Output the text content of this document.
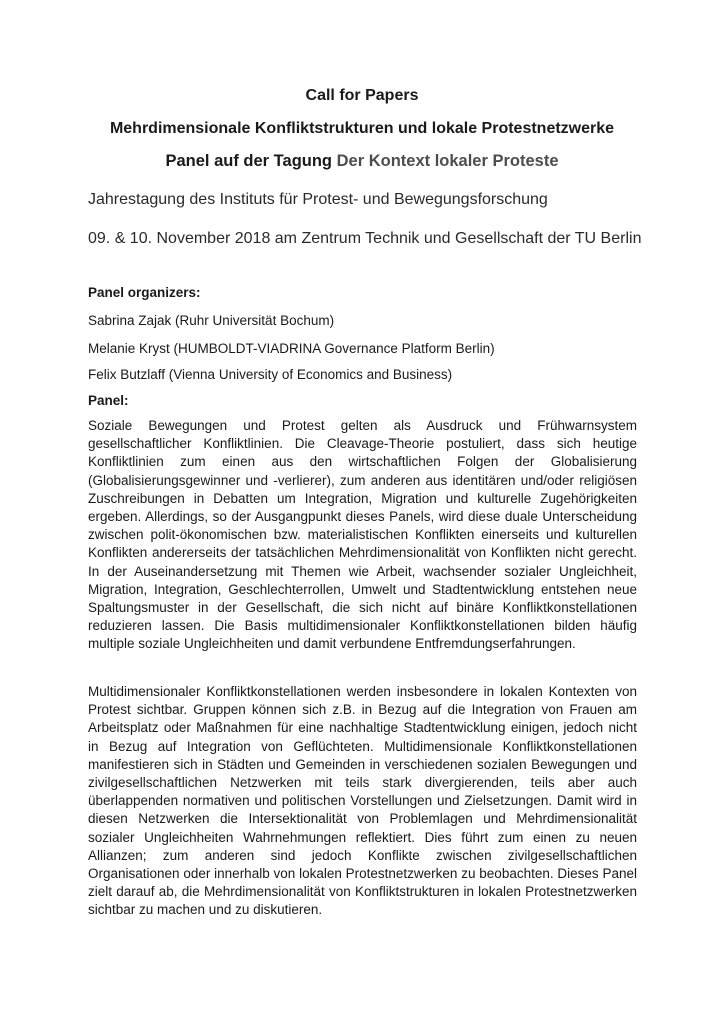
Call for Papers
Mehrdimensionale Konfliktstrukturen und lokale Protestnetzwerke
Panel auf der Tagung Der Kontext lokaler Proteste
Jahrestagung des Instituts für Protest- und Bewegungsforschung
09. & 10. November 2018 am Zentrum Technik und Gesellschaft der TU Berlin
Panel organizers:
Sabrina Zajak (Ruhr Universität Bochum)
Melanie Kryst (HUMBOLDT-VIADRINA Governance Platform Berlin)
Felix Butzlaff (Vienna University of Economics and Business)
Panel:
Soziale Bewegungen und Protest gelten als Ausdruck und Frühwarnsystem gesellschaftlicher Konfliktlinien. Die Cleavage-Theorie postuliert, dass sich heutige Konfliktlinien zum einen aus den wirtschaftlichen Folgen der Globalisierung (Globalisierungsgewinner und -verlierer), zum anderen aus identitären und/oder religiösen Zuschreibungen in Debatten um Integration, Migration und kulturelle Zugehörigkeiten ergeben. Allerdings, so der Ausgangpunkt dieses Panels, wird diese duale Unterscheidung zwischen polit-ökonomischen bzw. materialistischen Konflikten einerseits und kulturellen Konflikten andererseits der tatsächlichen Mehrdimensionalität von Konflikten nicht gerecht. In der Auseinandersetzung mit Themen wie Arbeit, wachsender sozialer Ungleichheit, Migration, Integration, Geschlechterrollen, Umwelt und Stadtentwicklung entstehen neue Spaltungsmuster in der Gesellschaft, die sich nicht auf binäre Konfliktkonstellationen reduzieren lassen. Die Basis multidimensionaler Konfliktkonstellationen bilden häufig multiple soziale Ungleichheiten und damit verbundene Entfremdungserfahrungen.
Multidimensionaler Konfliktkonstellationen werden insbesondere in lokalen Kontexten von Protest sichtbar. Gruppen können sich z.B. in Bezug auf die Integration von Frauen am Arbeitsplatz oder Maßnahmen für eine nachhaltige Stadtentwicklung einigen, jedoch nicht in Bezug auf Integration von Geflüchteten. Multidimensionale Konfliktkonstellationen manifestieren sich in Städten und Gemeinden in verschiedenen sozialen Bewegungen und zivilgesellschaftlichen Netzwerken mit teils stark divergierenden, teils aber auch überlappenden normativen und politischen Vorstellungen und Zielsetzungen. Damit wird in diesen Netzwerken die Intersektionalität von Problemlagen und Mehrdimensionalität sozialer Ungleichheiten Wahrnehmungen reflektiert. Dies führt zum einen zu neuen Allianzen; zum anderen sind jedoch Konflikte zwischen zivilgesellschaftlichen Organisationen oder innerhalb von lokalen Protestnetzwerken zu beobachten. Dieses Panel zielt darauf ab, die Mehrdimensionalität von Konfliktstrukturen in lokalen Protestnetzwerken sichtbar zu machen und zu diskutieren.
